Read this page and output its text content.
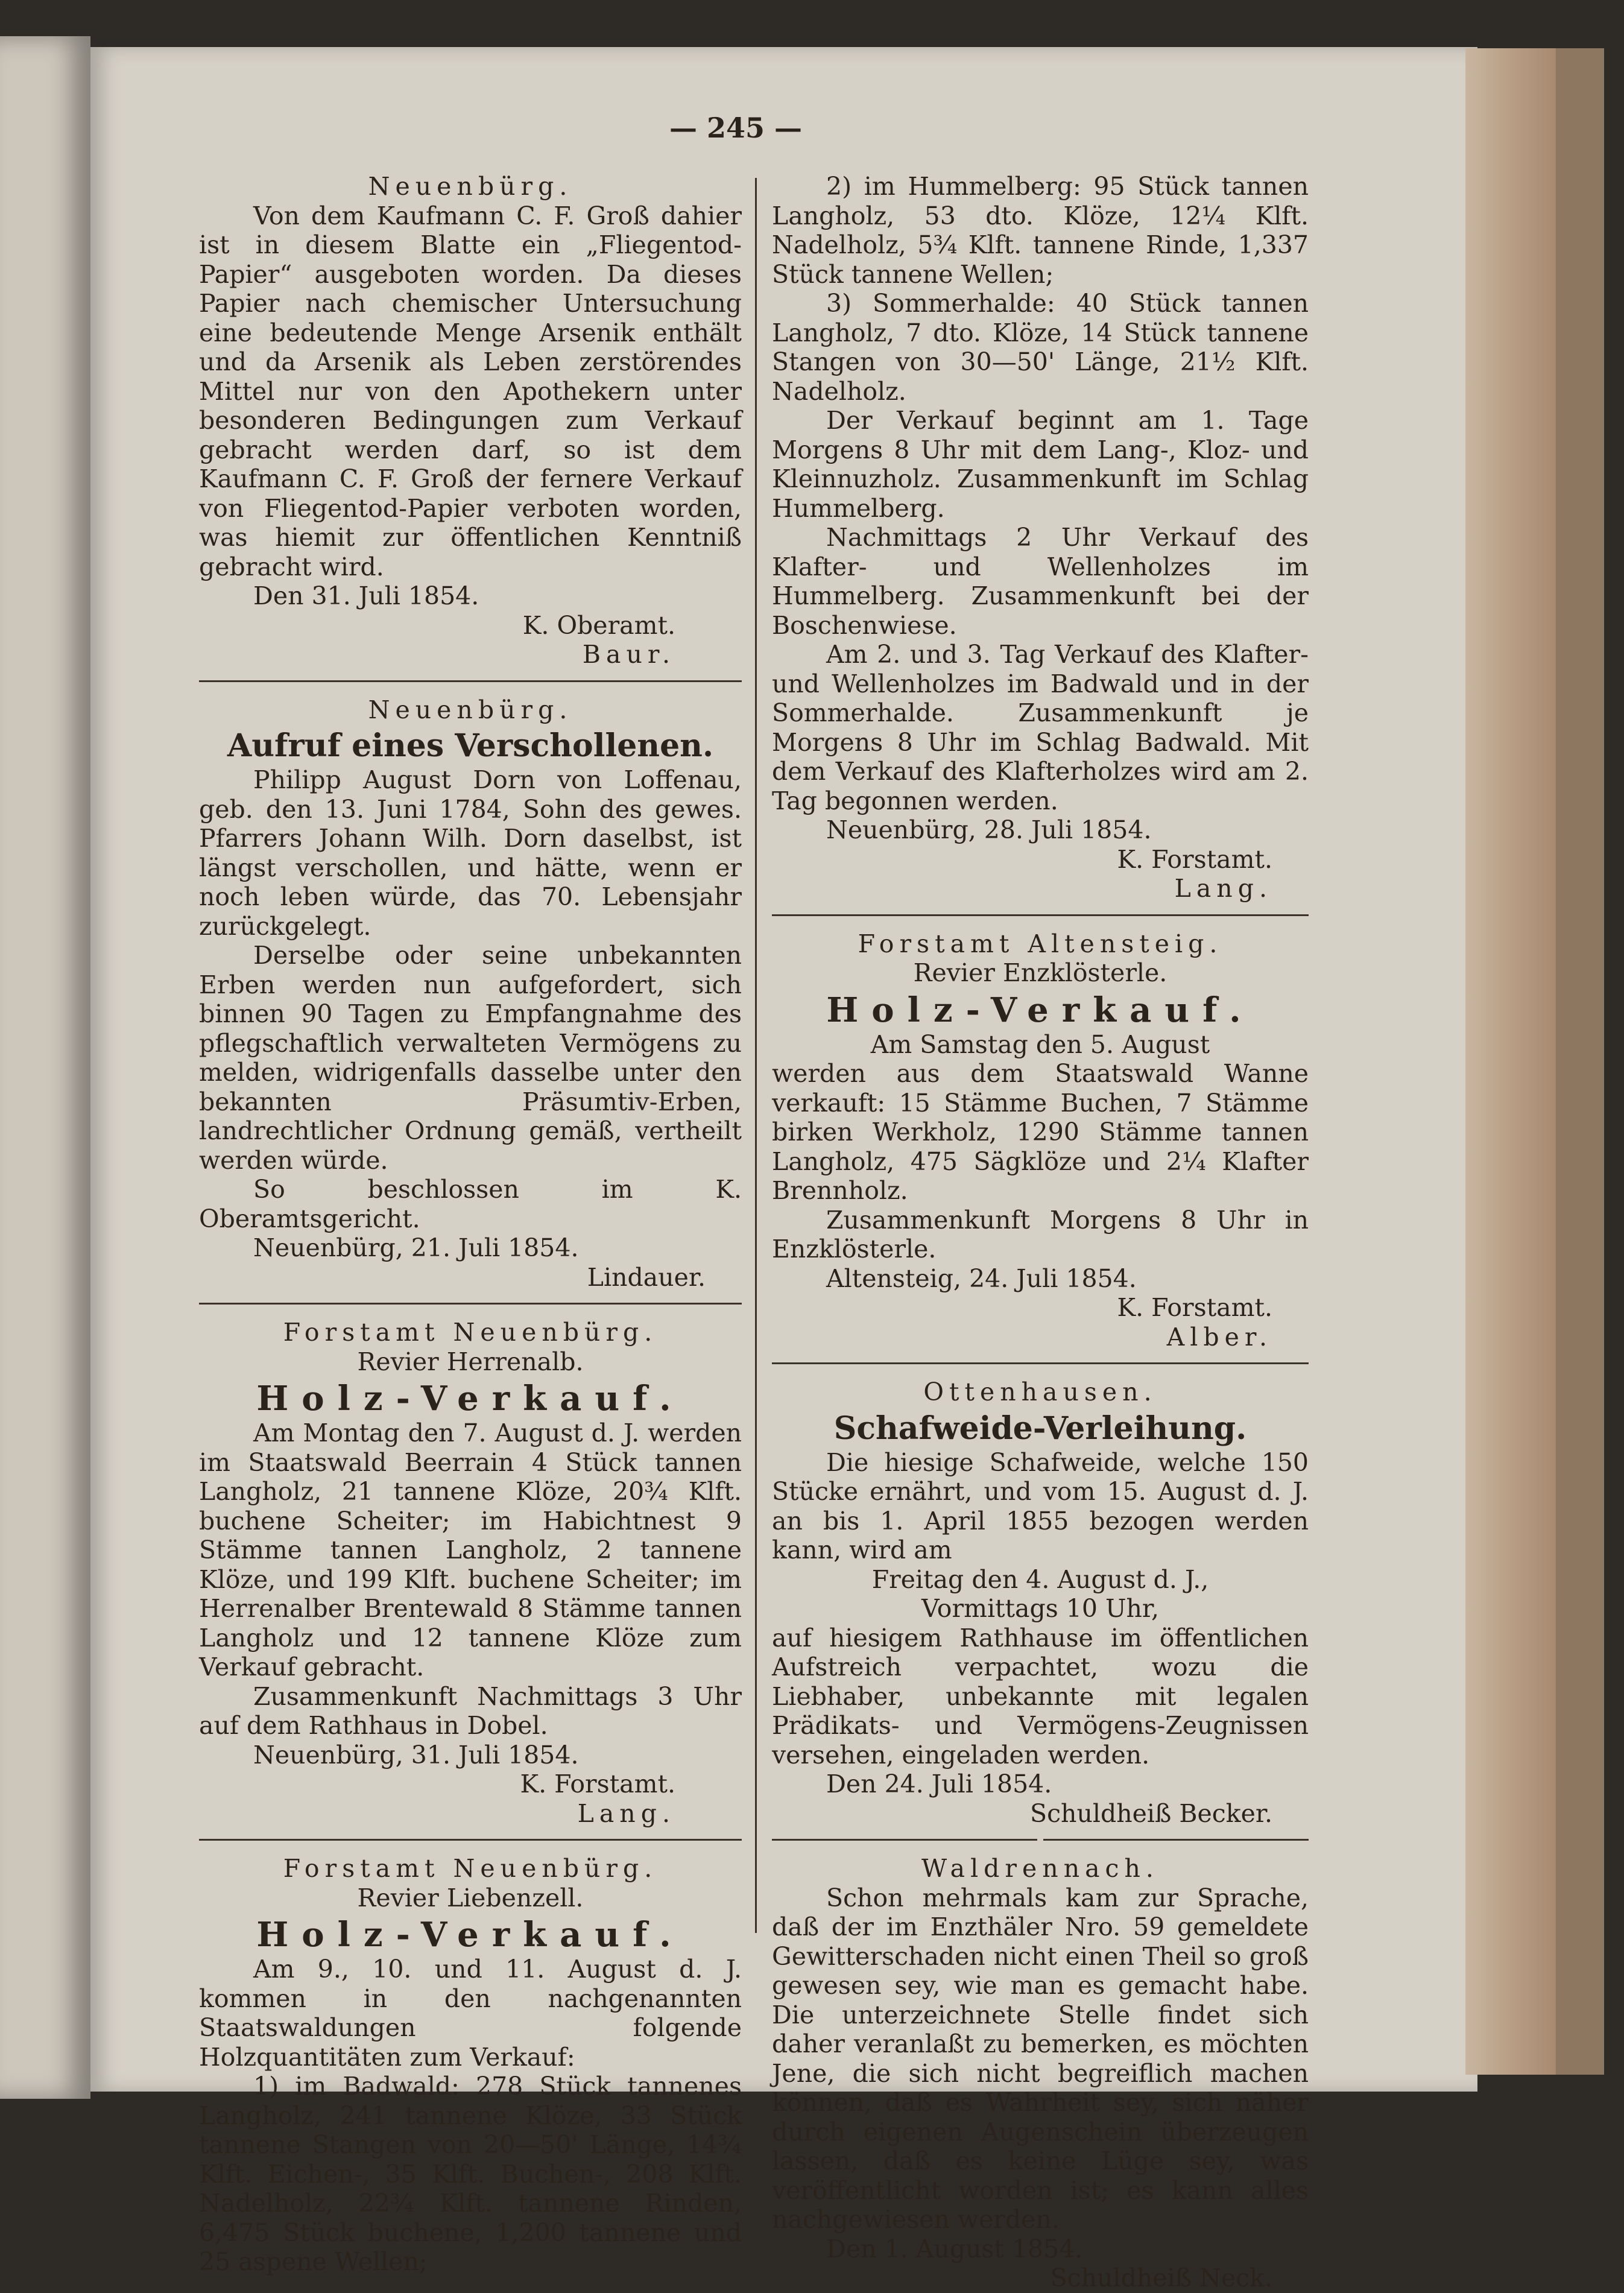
— 245 —

Neuenbürg.

Von dem Kaufmann C. F. Groß dahier ist in diesem Blatte ein „Fliegentod-Papier“ ausgeboten worden. Da dieses Papier nach chemischer Untersuchung eine bedeutende Menge Arsenik enthält und da Arsenik als Leben zerstörendes Mittel nur von den Apothekern unter besonderen Bedingungen zum Verkauf gebracht werden darf, so ist dem Kaufmann C. F. Groß der fernere Verkauf von Fliegentod-Papier verboten worden, was hiemit zur öffentlichen Kenntniß gebracht wird.

Den 31. Juli 1854.

K. Oberamt.

Baur.

Neuenbürg.

Aufruf eines Verschollenen.

Philipp August Dorn von Loffenau, geb. den 13. Juni 1784, Sohn des gewes. Pfarrers Johann Wilh. Dorn daselbst, ist längst verschollen, und hätte, wenn er noch leben würde, das 70. Lebensjahr zurückgelegt.

Derselbe oder seine unbekannten Erben werden nun aufgefordert, sich binnen 90 Tagen zu Empfangnahme des pflegschaftlich verwalteten Vermögens zu melden, widrigenfalls dasselbe unter den bekannten Präsumtiv-Erben, landrechtlicher Ordnung gemäß, vertheilt werden würde.

So beschlossen im K. Oberamtsgericht.

Neuenbürg, 21. Juli 1854.

Lindauer.

Forstamt Neuenbürg.

Revier Herrenalb.

Holz-Verkauf.

Am Montag den 7. August d. J. werden im Staatswald Beerrain 4 Stück tannen Langholz, 21 tannene Klöze, 20¾ Klft. buchene Scheiter; im Habichtnest 9 Stämme tannen Langholz, 2 tannene Klöze, und 199 Klft. buchene Scheiter; im Herrenalber Brentewald 8 Stämme tannen Langholz und 12 tannene Klöze zum Verkauf gebracht.

Zusammenkunft Nachmittags 3 Uhr auf dem Rathhaus in Dobel.

Neuenbürg, 31. Juli 1854.

K. Forstamt.

Lang.

Forstamt Neuenbürg.

Revier Liebenzell.

Holz-Verkauf.

Am 9., 10. und 11. August d. J. kommen in den nachgenannten Staatswaldungen folgende Holzquantitäten zum Verkauf:

1) im Badwald: 278 Stück tannenes Langholz, 241 tannene Klöze, 33 Stück tannene Stangen von 20—50' Länge, 14¾ Klft. Eichen-, 35 Klft. Buchen-, 208 Klft. Nadelholz, 22¾ Klft. tannene Rinden, 6,475 Stück buchene, 1,200 tannene und 25 aspene Wellen;

2) im Hummelberg: 95 Stück tannen Langholz, 53 dto. Klöze, 12¼ Klft. Nadelholz, 5¾ Klft. tannene Rinde, 1,337 Stück tannene Wellen;

3) Sommerhalde: 40 Stück tannen Langholz, 7 dto. Klöze, 14 Stück tannene Stangen von 30—50' Länge, 21½ Klft. Nadelholz.

Der Verkauf beginnt am 1. Tage Morgens 8 Uhr mit dem Lang-, Kloz- und Kleinnuzholz. Zusammenkunft im Schlag Hummelberg.

Nachmittags 2 Uhr Verkauf des Klafter- und Wellenholzes im Hummelberg. Zusammenkunft bei der Boschenwiese.

Am 2. und 3. Tag Verkauf des Klafter- und Wellenholzes im Badwald und in der Sommerhalde. Zusammenkunft je Morgens 8 Uhr im Schlag Badwald. Mit dem Verkauf des Klafterholzes wird am 2. Tag begonnen werden.

Neuenbürg, 28. Juli 1854.

K. Forstamt.

Lang.

Forstamt Altensteig.

Revier Enzklösterle.

Holz-Verkauf.

Am Samstag den 5. August

werden aus dem Staatswald Wanne verkauft: 15 Stämme Buchen, 7 Stämme birken Werkholz, 1290 Stämme tannen Langholz, 475 Sägklöze und 2¼ Klafter Brennholz.

Zusammenkunft Morgens 8 Uhr in Enzklösterle.

Altensteig, 24. Juli 1854.

K. Forstamt.

Alber.

Ottenhausen.

Schafweide-Verleihung.

Die hiesige Schafweide, welche 150 Stücke ernährt, und vom 15. August d. J. an bis 1. April 1855 bezogen werden kann, wird am

Freitag den 4. August d. J.,

Vormittags 10 Uhr,

auf hiesigem Rathhause im öffentlichen Aufstreich verpachtet, wozu die Liebhaber, unbekannte mit legalen Prädikats- und Vermögens-Zeugnissen versehen, eingeladen werden.

Den 24. Juli 1854.

Schuldheiß Becker.

Waldrennach.

Schon mehrmals kam zur Sprache, daß der im Enzthäler Nro. 59 gemeldete Gewitterschaden nicht einen Theil so groß gewesen sey, wie man es gemacht habe. Die unterzeichnete Stelle findet sich daher veranlaßt zu bemerken, es möchten Jene, die sich nicht begreiflich machen können, daß es Wahrheit sey, sich näher durch eigenen Augenschein überzeugen lassen, daß es keine Lüge sey, was veröffentlicht worden ist; es kann alles nachgewiesen werden.

Den 1. August 1854.

Schuldheiß Neck.
